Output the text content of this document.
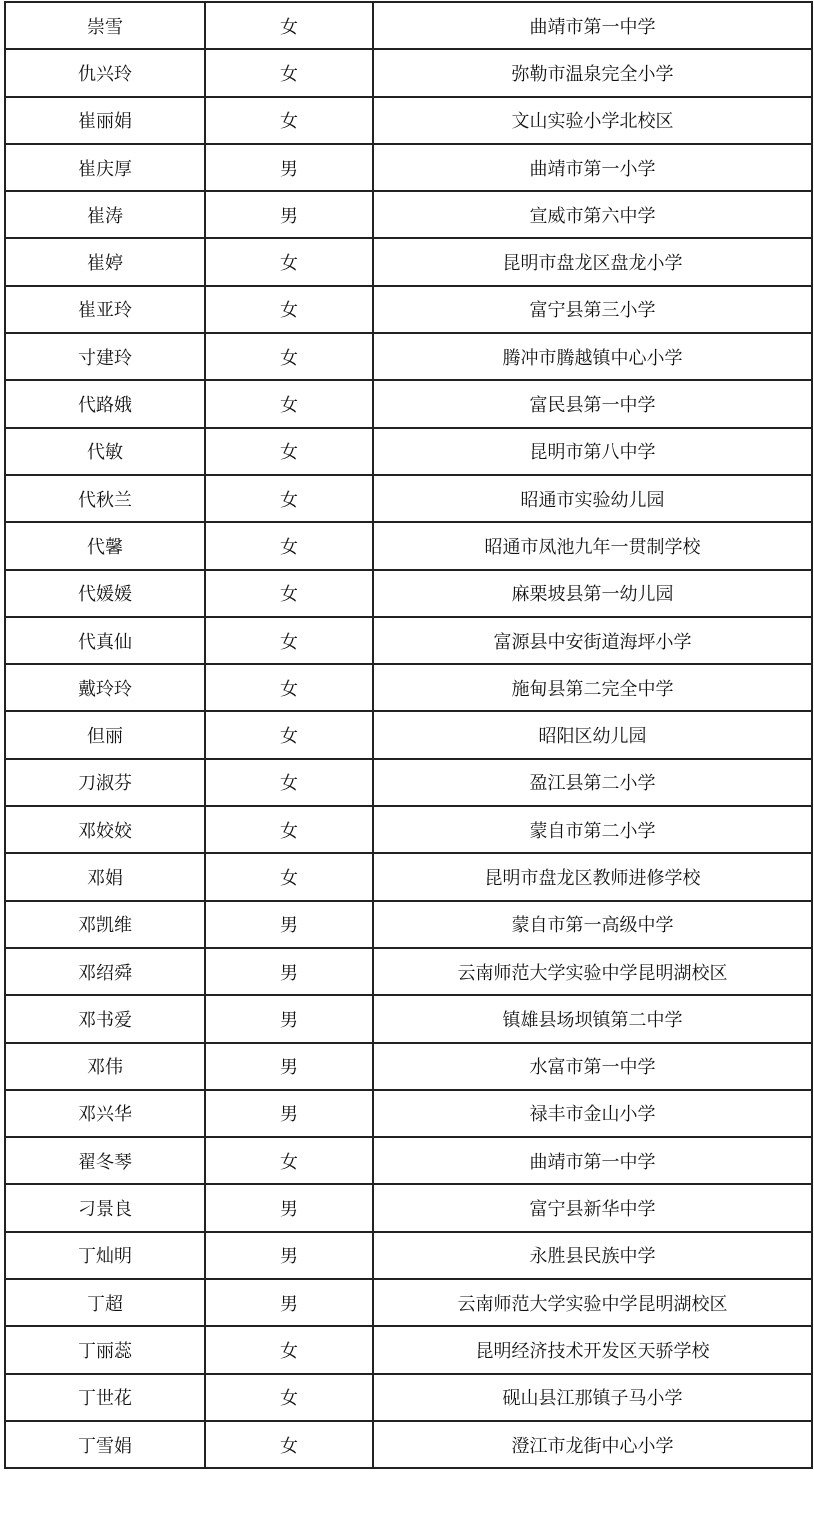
崇雪	女	曲靖市第一中学
仇兴玲	女	弥勒市温泉完全小学
崔丽娟	女	文山实验小学北校区
崔庆厚	男	曲靖市第一小学
崔涛	男	宣威市第六中学
崔婷	女	昆明市盘龙区盘龙小学
崔亚玲	女	富宁县第三小学
寸建玲	女	腾冲市腾越镇中心小学
代路娥	女	富民县第一中学
代敏	女	昆明市第八中学
代秋兰	女	昭通市实验幼儿园
代馨	女	昭通市凤池九年一贯制学校
代媛媛	女	麻栗坡县第一幼儿园
代真仙	女	富源县中安街道海坪小学
戴玲玲	女	施甸县第二完全中学
但丽	女	昭阳区幼儿园
刀淑芬	女	盈江县第二小学
邓姣姣	女	蒙自市第二小学
邓娟	女	昆明市盘龙区教师进修学校
邓凯维	男	蒙自市第一高级中学
邓绍舜	男	云南师范大学实验中学昆明湖校区
邓书爱	男	镇雄县场坝镇第二中学
邓伟	男	水富市第一中学
邓兴华	男	禄丰市金山小学
翟冬琴	女	曲靖市第一中学
刁景良	男	富宁县新华中学
丁灿明	男	永胜县民族中学
丁超	男	云南师范大学实验中学昆明湖校区
丁丽蕊	女	昆明经济技术开发区天骄学校
丁世花	女	砚山县江那镇子马小学
丁雪娟	女	澄江市龙街中心小学
